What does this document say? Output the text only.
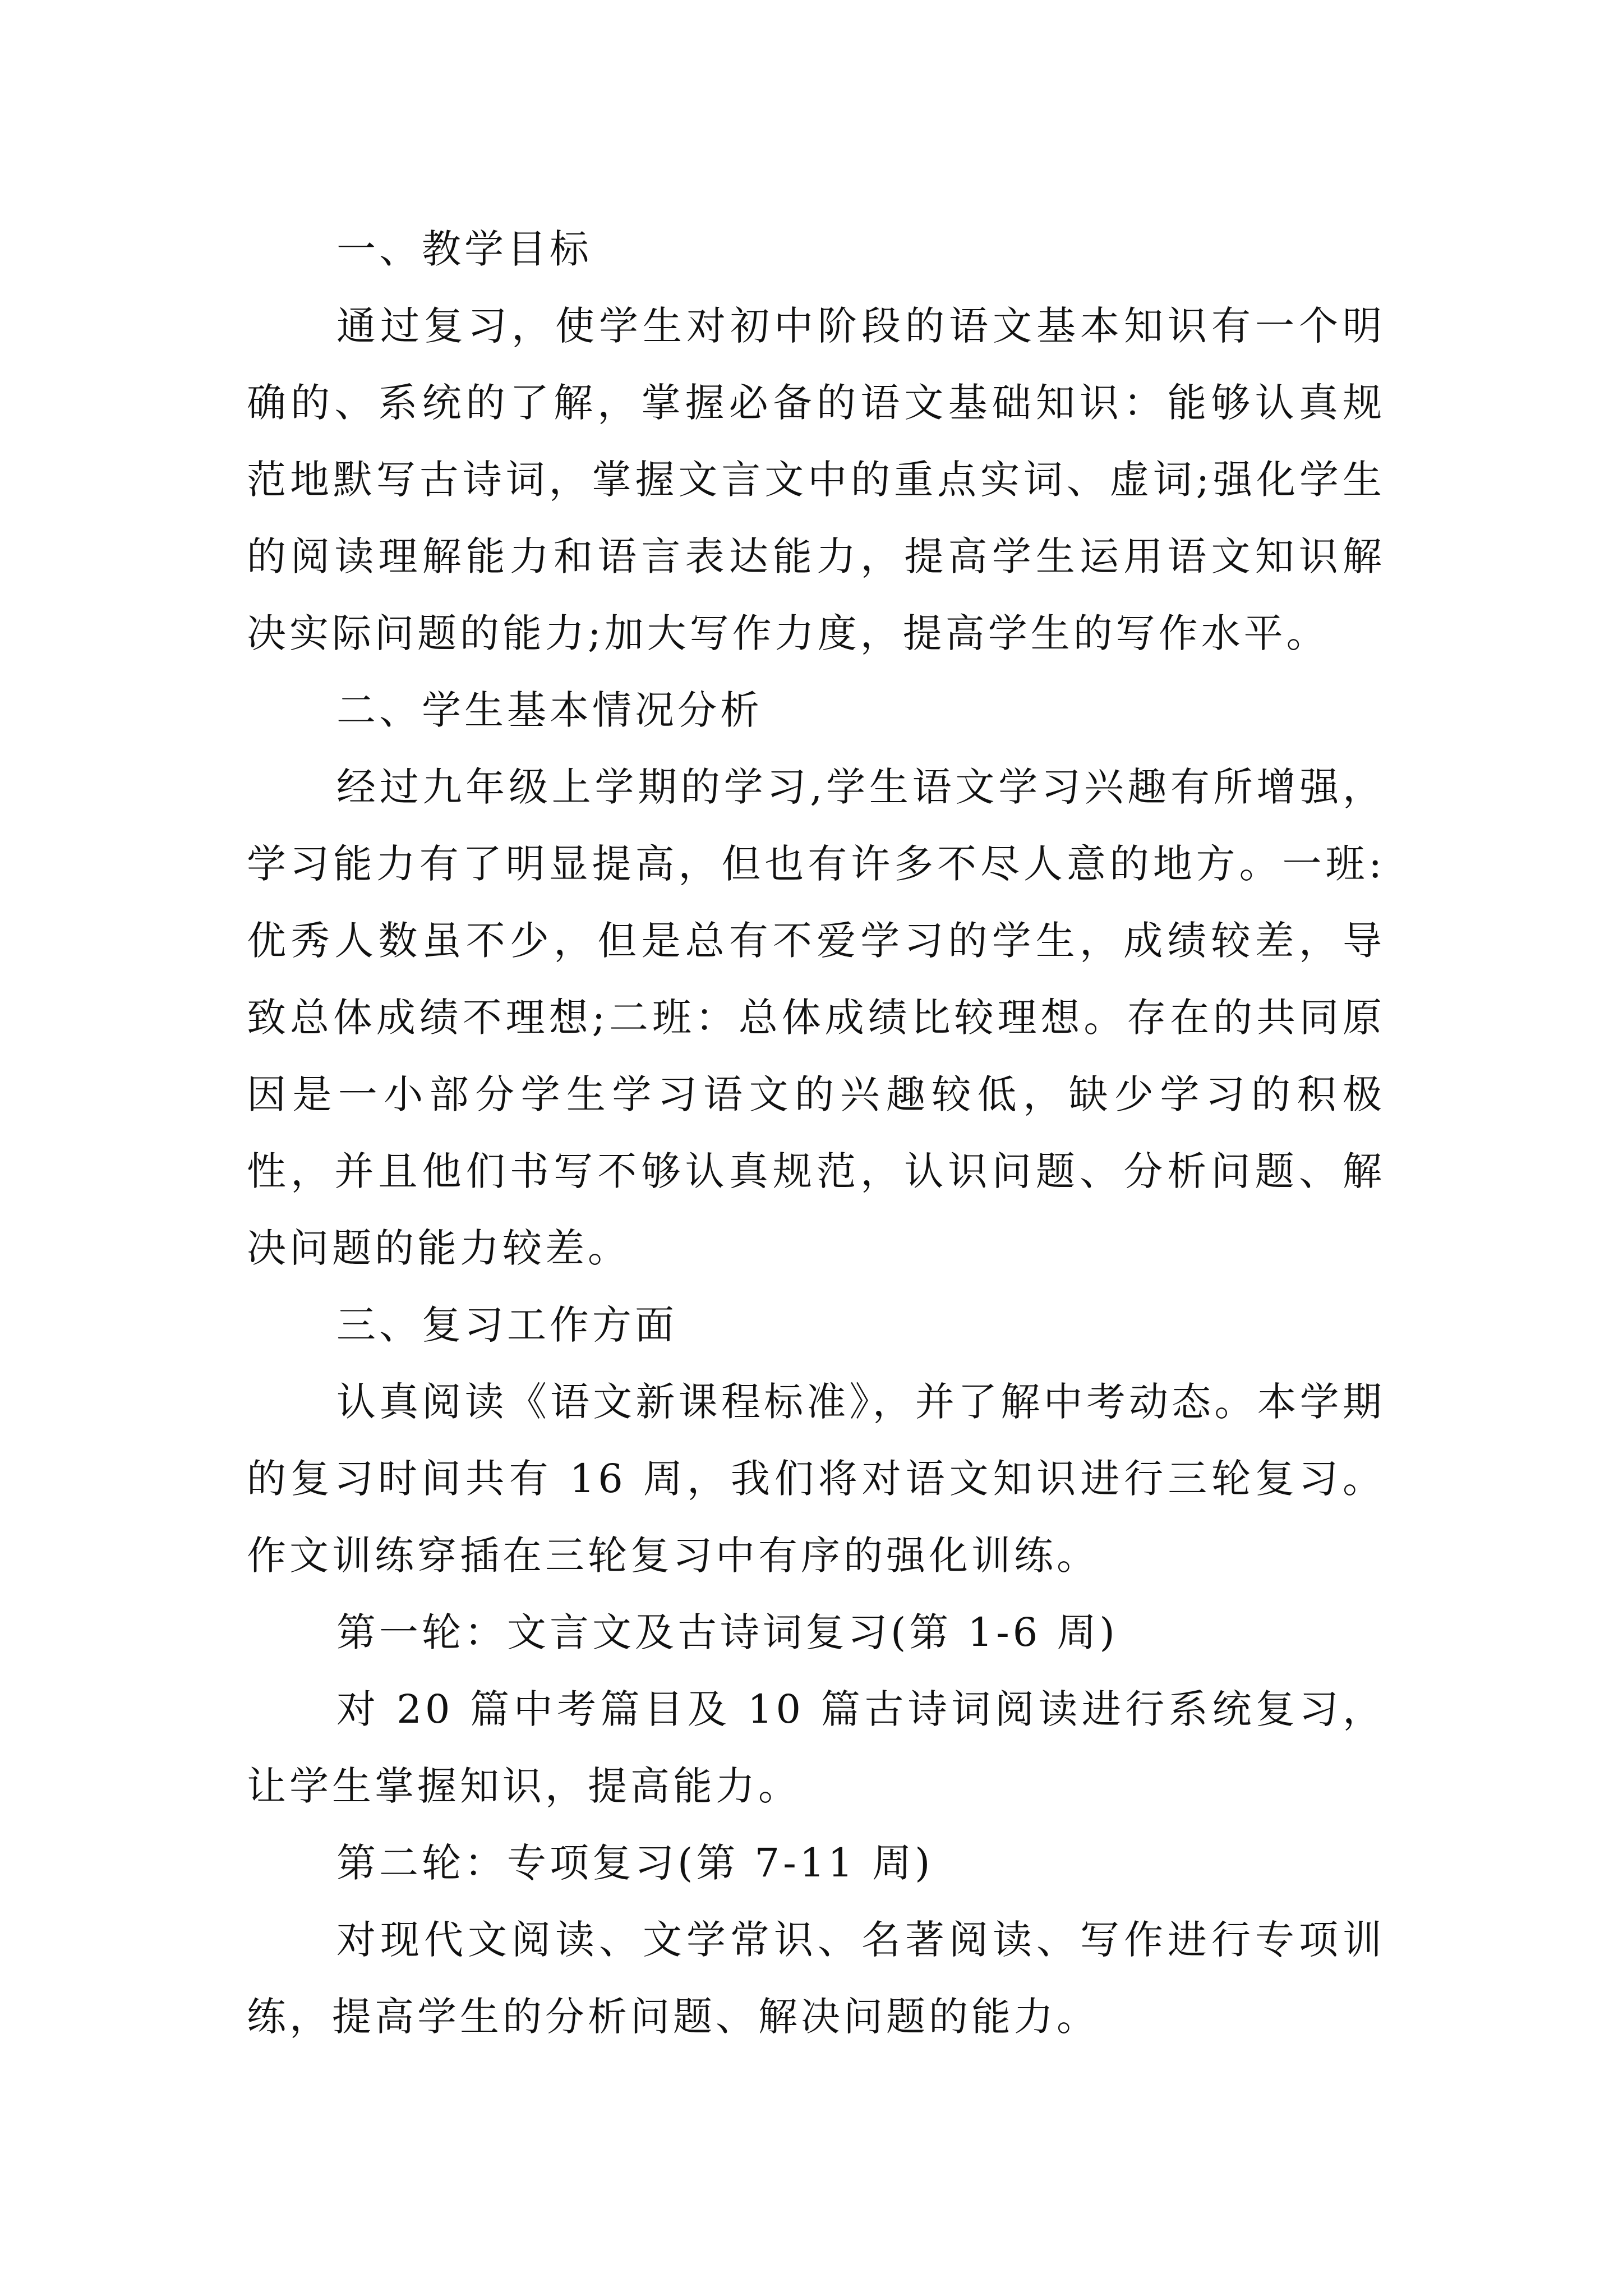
一、教学目标

通过复习，使学生对初中阶段的语文基本知识有一个明确的、系统的了解，掌握必备的语文基础知识：能够认真规范地默写古诗词，掌握文言文中的重点实词、虚词;强化学生的阅读理解能力和语言表达能力，提高学生运用语文知识解决实际问题的能力;加大写作力度，提高学生的写作水平。

二、学生基本情况分析

经过九年级上学期的学习,学生语文学习兴趣有所增强，学习能力有了明显提高，但也有许多不尽人意的地方。一班:优秀人数虽不少，但是总有不爱学习的学生，成绩较差，导致总体成绩不理想;二班：总体成绩比较理想。存在的共同原因是一小部分学生学习语文的兴趣较低，缺少学习的积极性，并且他们书写不够认真规范，认识问题、分析问题、解决问题的能力较差。

三、复习工作方面

认真阅读《语文新课程标准》，并了解中考动态。本学期的复习时间共有 16 周，我们将对语文知识进行三轮复习。作文训练穿插在三轮复习中有序的强化训练。

第一轮：文言文及古诗词复习(第 1-6 周)

对 20 篇中考篇目及 10 篇古诗词阅读进行系统复习，让学生掌握知识，提高能力。

第二轮：专项复习(第 7-11 周)

对现代文阅读、文学常识、名著阅读、写作进行专项训练，提高学生的分析问题、解决问题的能力。
